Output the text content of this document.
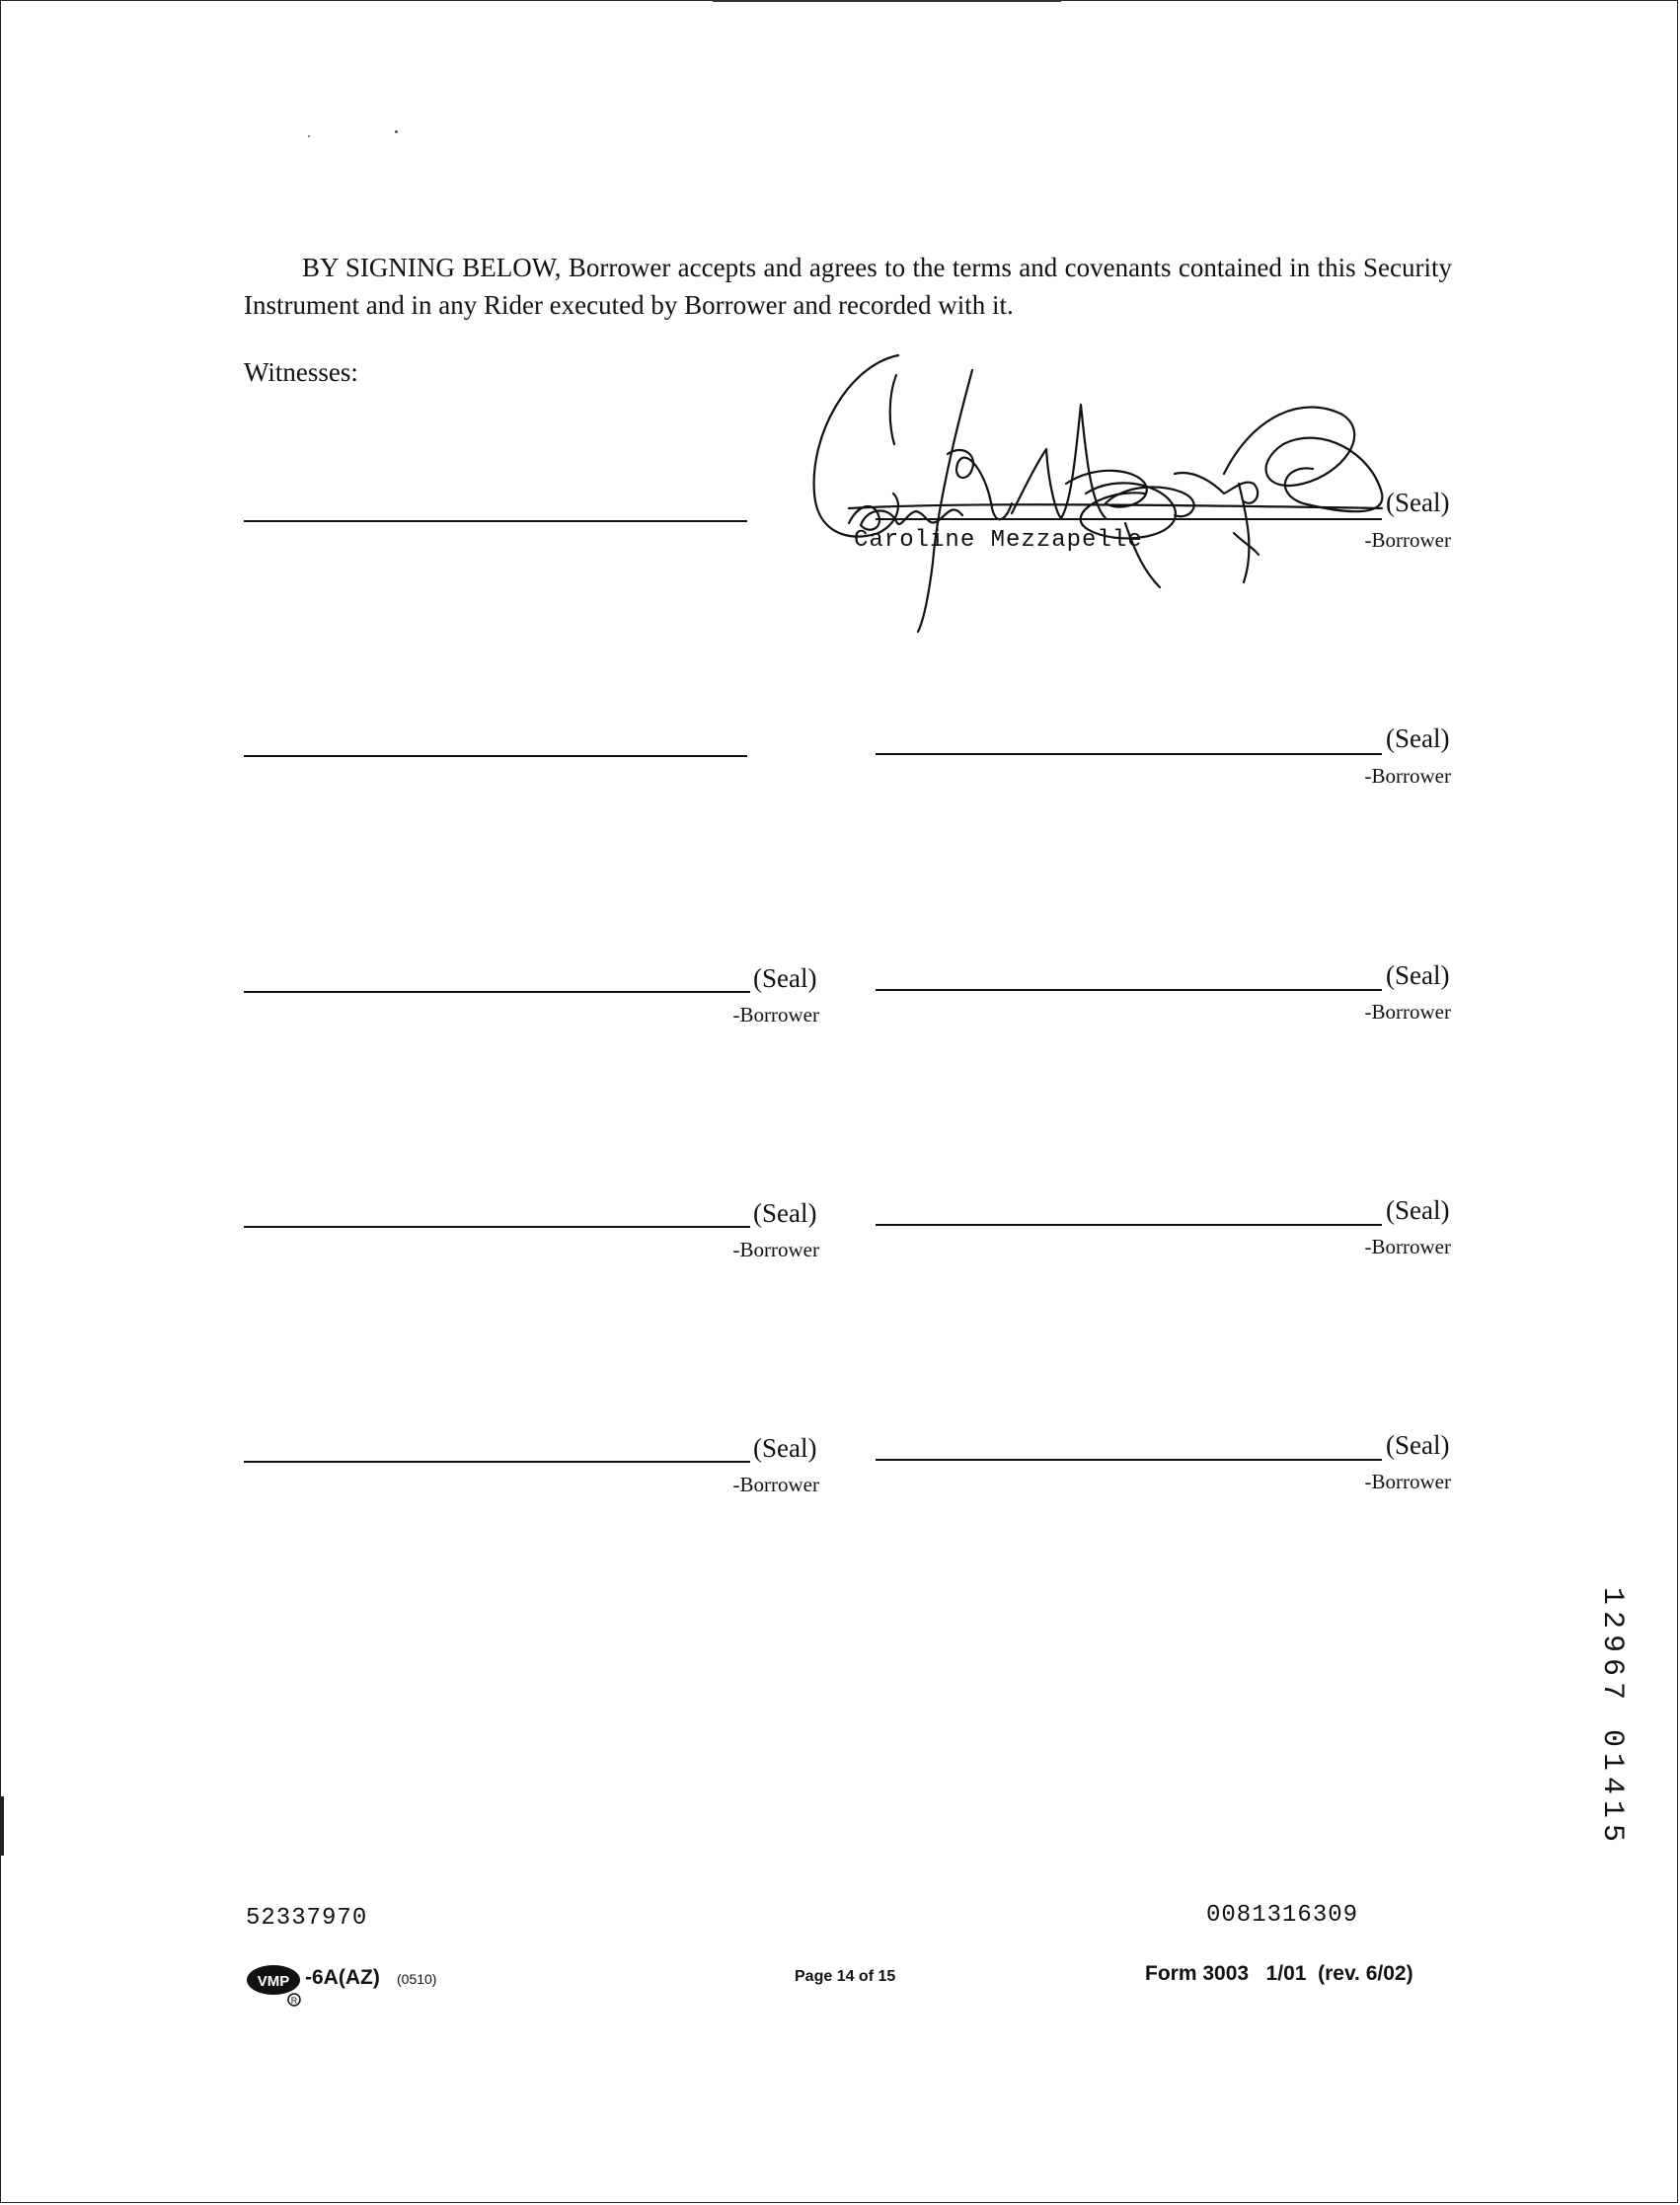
BY SIGNING BELOW, Borrower accepts and agrees to the terms and covenants contained in this Security Instrument and in any Rider executed by Borrower and recorded with it.
Witnesses:
(Seal)
-Borrower
Caroline Mezzapelle
(Seal)
-Borrower
(Seal)
-Borrower
(Seal)
-Borrower
(Seal)
-Borrower
(Seal)
-Borrower
(Seal)
-Borrower
(Seal)
-Borrower
12967 01415
52337970	0081316309
VMP
R
-6A(AZ) (0510)	Page 14 of 15	Form 3003   1/01  (rev. 6/02)
